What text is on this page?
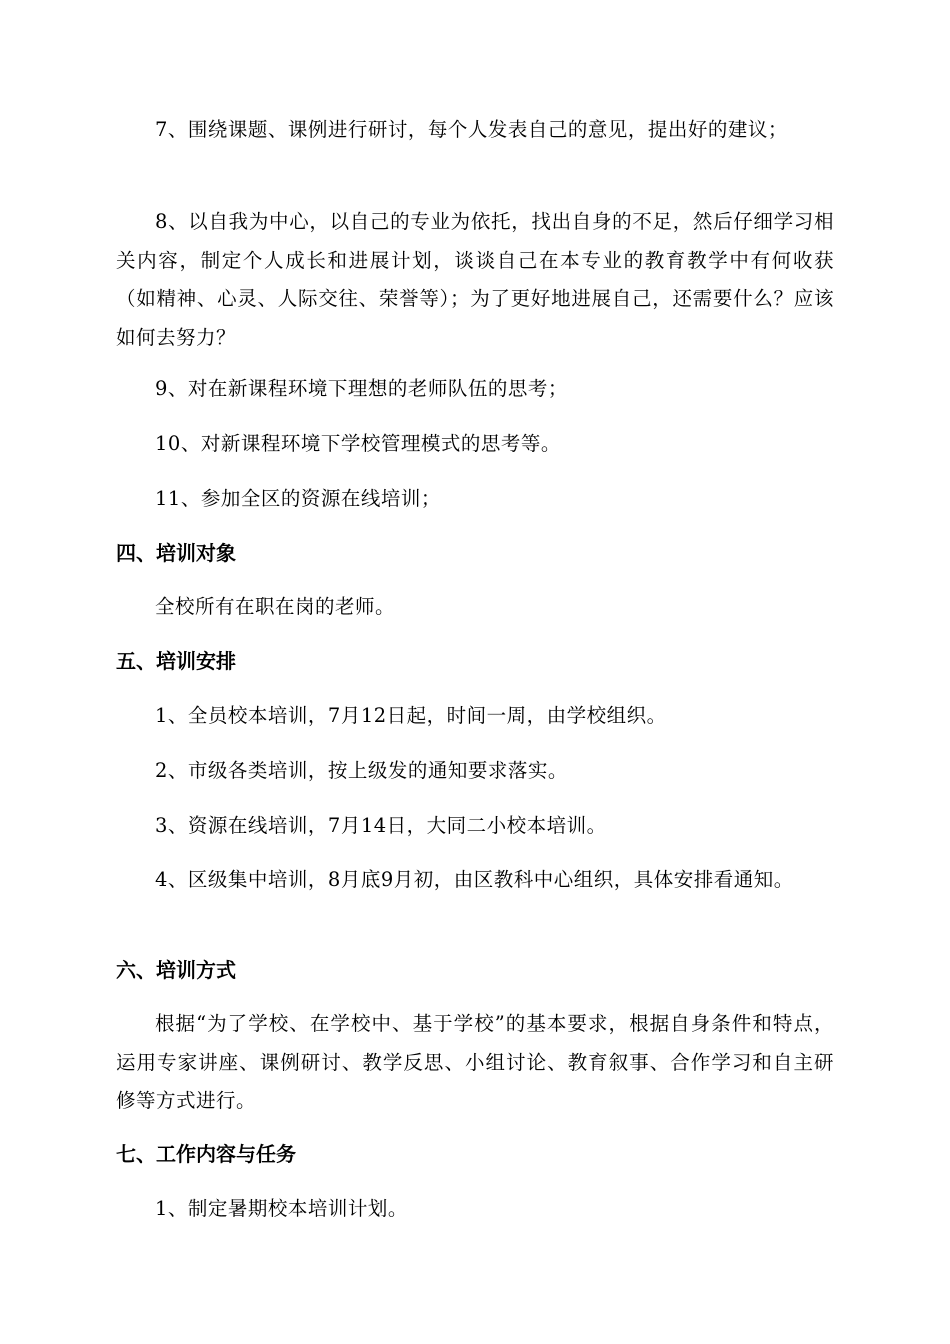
7、围绕课题、课例进行研讨，每个人发表自己的意见，提出好的建议；

8、以自我为中心，以自己的专业为依托，找出自身的不足，然后仔细学习相关内容，制定个人成长和进展计划，谈谈自己在本专业的教育教学中有何收获（如精神、心灵、人际交往、荣誉等）；为了更好地进展自己，还需要什么？应该如何去努力？

9、对在新课程环境下理想的老师队伍的思考；

10、对新课程环境下学校管理模式的思考等。

11、参加全区的资源在线培训；

四、培训对象

全校所有在职在岗的老师。

五、培训安排

1、全员校本培训，7月12日起，时间一周，由学校组织。

2、市级各类培训，按上级发的通知要求落实。

3、资源在线培训，7月14日，大同二小校本培训。

4、区级集中培训，8月底9月初，由区教科中心组织，具体安排看通知。

六、培训方式

根据“为了学校、在学校中、基于学校”的基本要求，根据自身条件和特点，运用专家讲座、课例研讨、教学反思、小组讨论、教育叙事、合作学习和自主研修等方式进行。

七、工作内容与任务

1、制定暑期校本培训计划。
